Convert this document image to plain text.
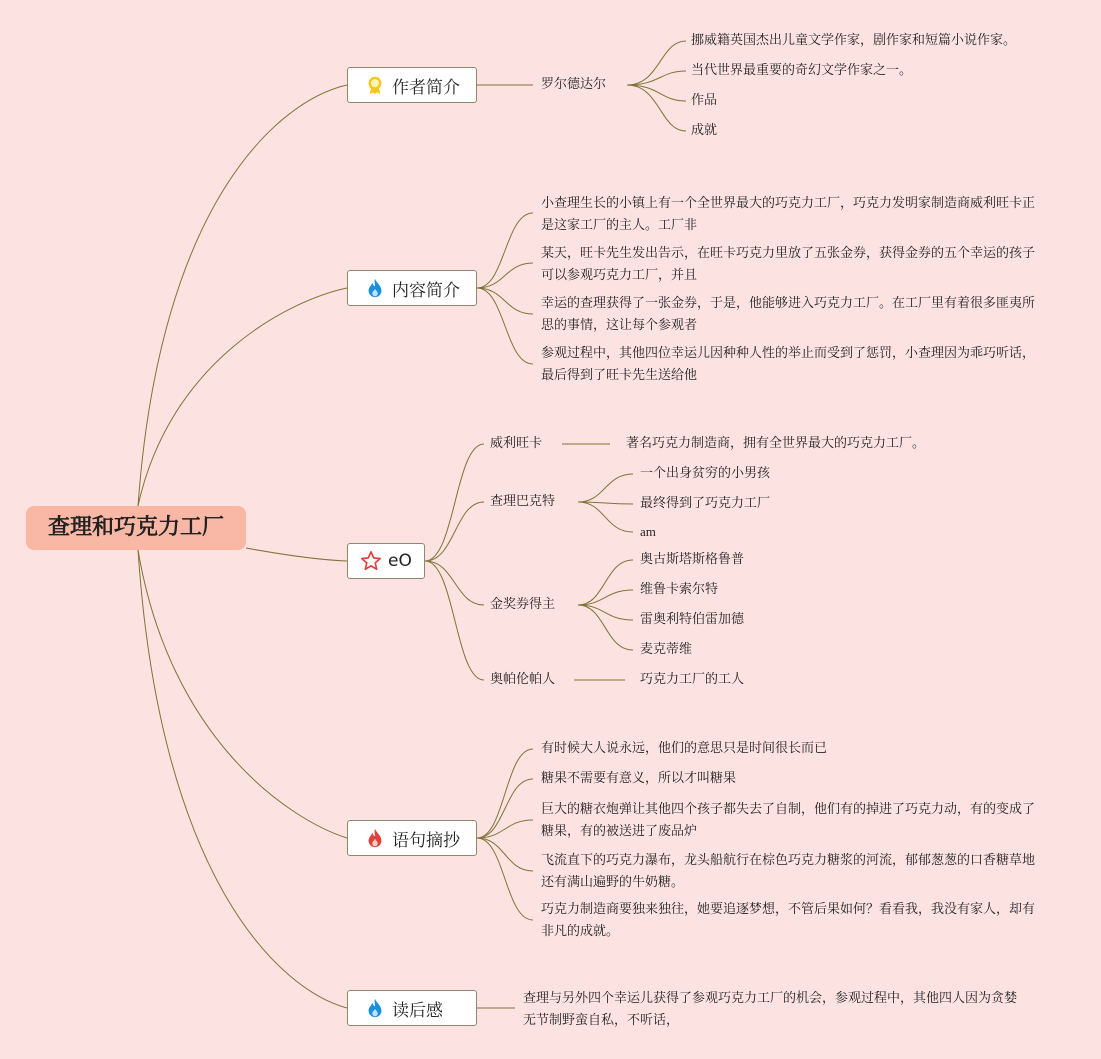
查理和巧克力工厂
作者简介	罗尔德达尔
挪威籍英国杰出儿童文学作家，剧作家和短篇小说作家。
当代世界最重要的奇幻文学作家之一。
作品
成就
内容简介
小查理生长的小镇上有一个全世界最大的巧克力工厂，巧克力发明家制造商威利旺卡正是这家工厂的主人。工厂非
某天，旺卡先生发出告示，在旺卡巧克力里放了五张金券，获得金券的五个幸运的孩子可以参观巧克力工厂，并且
幸运的查理获得了一张金券，于是，他能够进入巧克力工厂。在工厂里有着很多匪夷所思的事情，这让每个参观者
参观过程中，其他四位幸运儿因种种人性的举止而受到了惩罚，小查理因为乖巧听话，最后得到了旺卡先生送给他
eO
威利旺卡	著名巧克力制造商，拥有全世界最大的巧克力工厂。
查理巴克特
一个出身贫穷的小男孩
最终得到了巧克力工厂
am
金奖券得主
奥古斯塔斯格鲁普
维鲁卡索尔特
雷奥利特伯雷加德
麦克蒂维
奥帕伦帕人	巧克力工厂的工人
语句摘抄
有时候大人说永远，他们的意思只是时间很长而已
糖果不需要有意义，所以才叫糖果
巨大的糖衣炮弹让其他四个孩子都失去了自制，他们有的掉进了巧克力动，有的变成了糖果，有的被送进了废品炉
飞流直下的巧克力瀑布，龙头船航行在棕色巧克力糖浆的河流，郁郁葱葱的口香糖草地还有满山遍野的牛奶糖。
巧克力制造商要独来独往，她要追逐梦想，不管后果如何？看看我，我没有家人，却有非凡的成就。
读后感
查理与另外四个幸运儿获得了参观巧克力工厂的机会，参观过程中，其他四人因为贪婪无节制野蛮自私，不听话，
